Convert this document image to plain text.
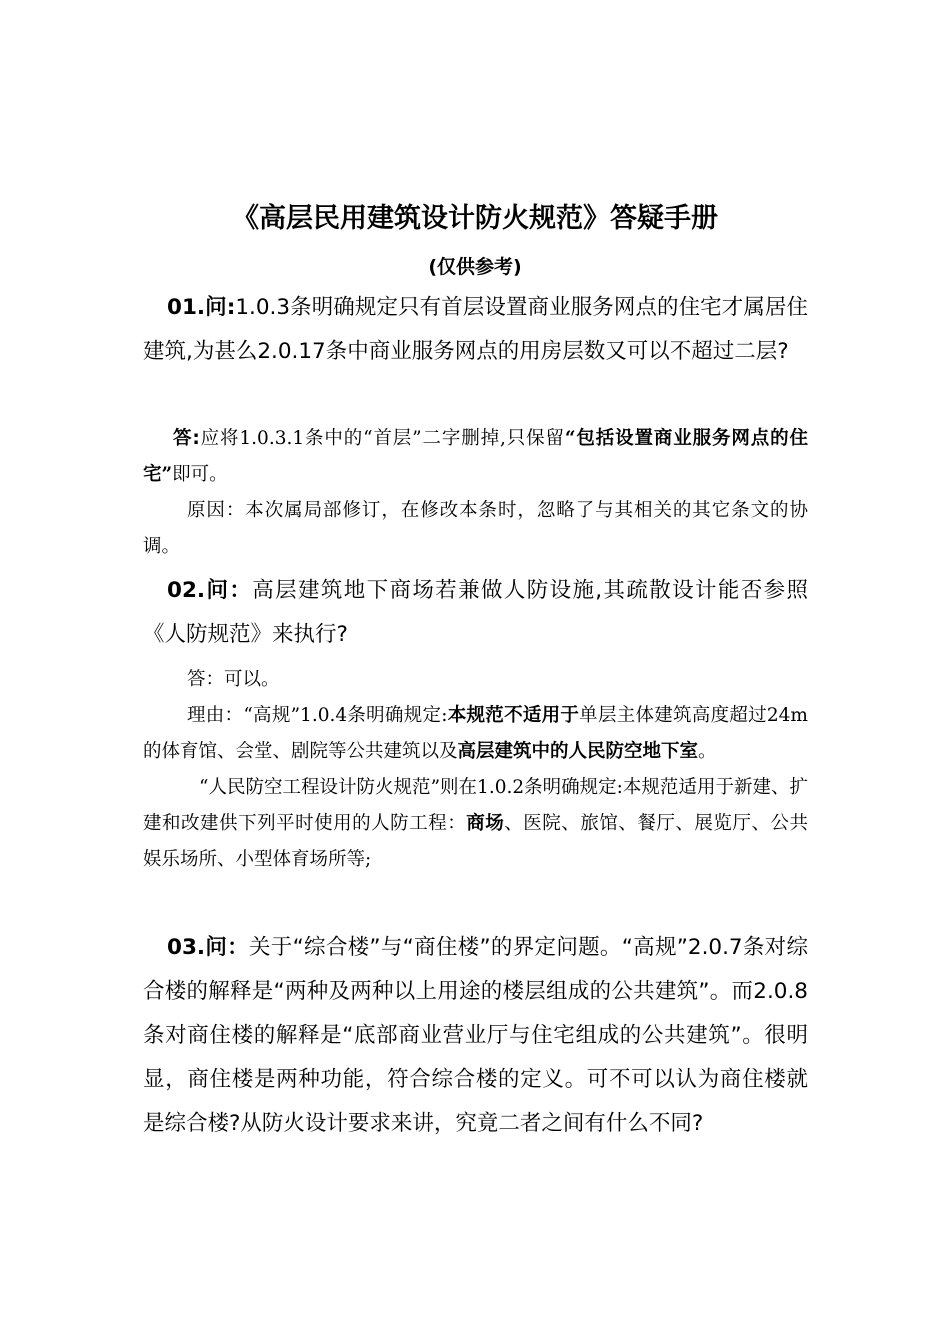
《高层民用建筑设计防火规范》答疑手册
(仅供参考)

01.问:1.0.3条明确规定只有首层设置商业服务网点的住宅才属居住建筑,为甚么2.0.17条中商业服务网点的用房层数又可以不超过二层?

答:应将1.0.3.1条中的“首层”二字删掉,只保留“包括设置商业服务网点的住宅”即可。

原因：本次属局部修订，在修改本条时，忽略了与其相关的其它条文的协调。

02.问：高层建筑地下商场若兼做人防设施,其疏散设计能否参照《人防规范》来执行?

答：可以。

理由：“高规”1.0.4条明确规定:本规范不适用于单层主体建筑高度超过24m的体育馆、会堂、剧院等公共建筑以及高层建筑中的人民防空地下室。

“人民防空工程设计防火规范”则在1.0.2条明确规定:本规范适用于新建、扩建和改建供下列平时使用的人防工程：商场、医院、旅馆、餐厅、展览厅、公共娱乐场所、小型体育场所等;

03.问：关于“综合楼”与“商住楼”的界定问题。“高规”2.0.7条对综合楼的解释是“两种及两种以上用途的楼层组成的公共建筑”。而2.0.8条对商住楼的解释是“底部商业营业厅与住宅组成的公共建筑”。很明显，商住楼是两种功能，符合综合楼的定义。可不可以认为商住楼就是综合楼?从防火设计要求来讲，究竟二者之间有什么不同?
